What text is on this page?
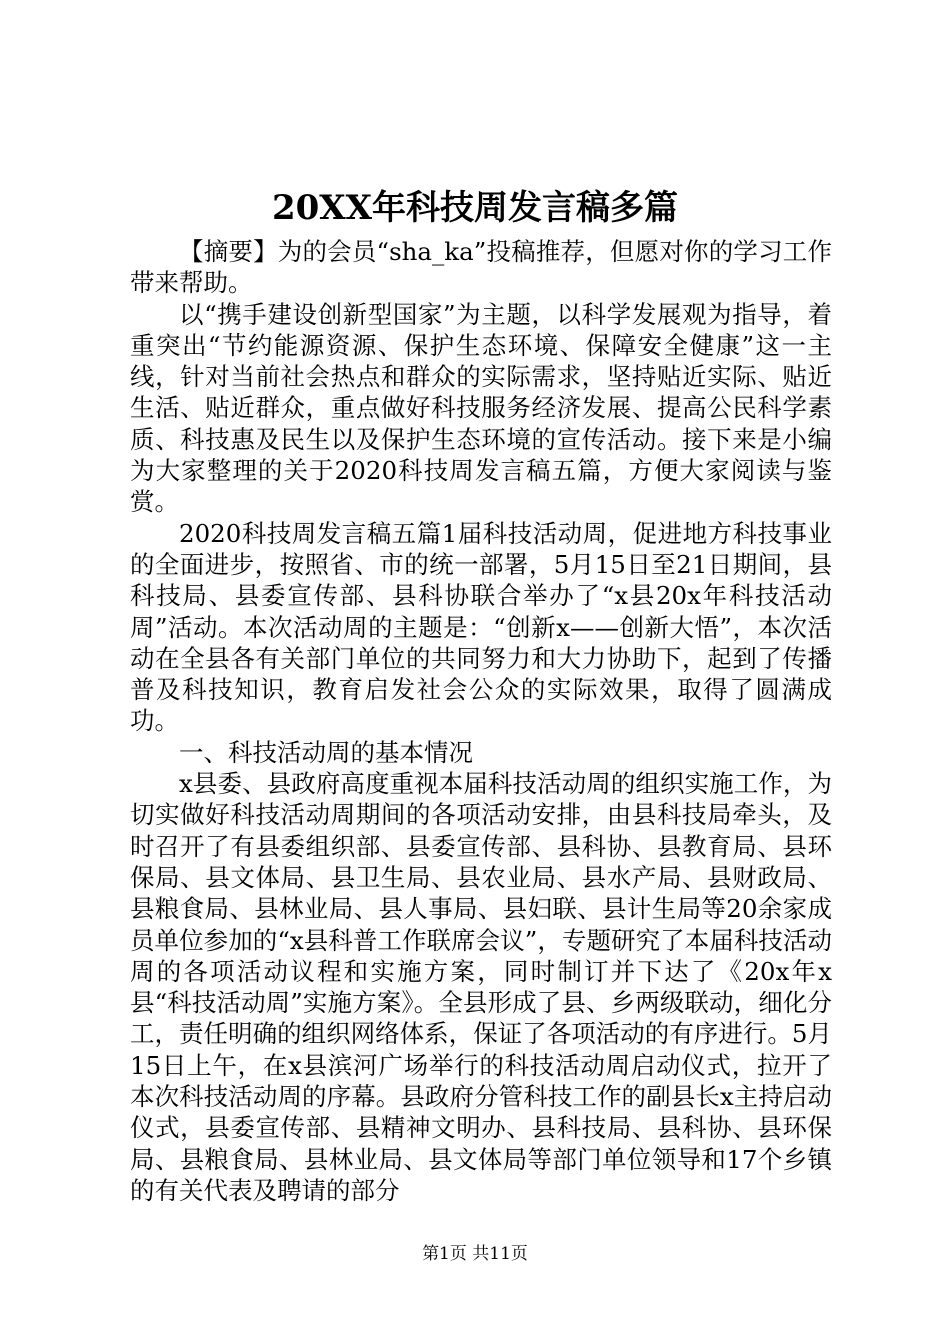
20XX年科技周发言稿多篇

【摘要】为的会员“sha_ka”投稿推荐，但愿对你的学习工作带来帮助。

以“携手建设创新型国家”为主题，以科学发展观为指导，着重突出“节约能源资源、保护生态环境、保障安全健康”这一主线，针对当前社会热点和群众的实际需求，坚持贴近实际、贴近生活、贴近群众，重点做好科技服务经济发展、提高公民科学素质、科技惠及民生以及保护生态环境的宣传活动。接下来是小编为大家整理的关于2020科技周发言稿五篇，方便大家阅读与鉴赏。

2020科技周发言稿五篇1届科技活动周，促进地方科技事业的全面进步，按照省、市的统一部署，5月15日至21日期间，县科技局、县委宣传部、县科协联合举办了“x县20x年科技活动周”活动。本次活动周的主题是：“创新x——创新大悟”，本次活动在全县各有关部门单位的共同努力和大力协助下，起到了传播普及科技知识，教育启发社会公众的实际效果，取得了圆满成功。

一、科技活动周的基本情况

x县委、县政府高度重视本届科技活动周的组织实施工作，为切实做好科技活动周期间的各项活动安排，由县科技局牵头，及时召开了有县委组织部、县委宣传部、县科协、县教育局、县环保局、县文体局、县卫生局、县农业局、县水产局、县财政局、县粮食局、县林业局、县人事局、县妇联、县计生局等20余家成员单位参加的“x县科普工作联席会议”，专题研究了本届科技活动周的各项活动议程和实施方案，同时制订并下达了《20x年x县“科技活动周”实施方案》。全县形成了县、乡两级联动，细化分工，责任明确的组织网络体系，保证了各项活动的有序进行。5月15日上午，在x县滨河广场举行的科技活动周启动仪式，拉开了本次科技活动周的序幕。县政府分管科技工作的副县长x主持启动仪式，县委宣传部、县精神文明办、县科技局、县科协、县环保局、县粮食局、县林业局、县文体局等部门单位领导和17个乡镇的有关代表及聘请的部分

第1页 共11页
